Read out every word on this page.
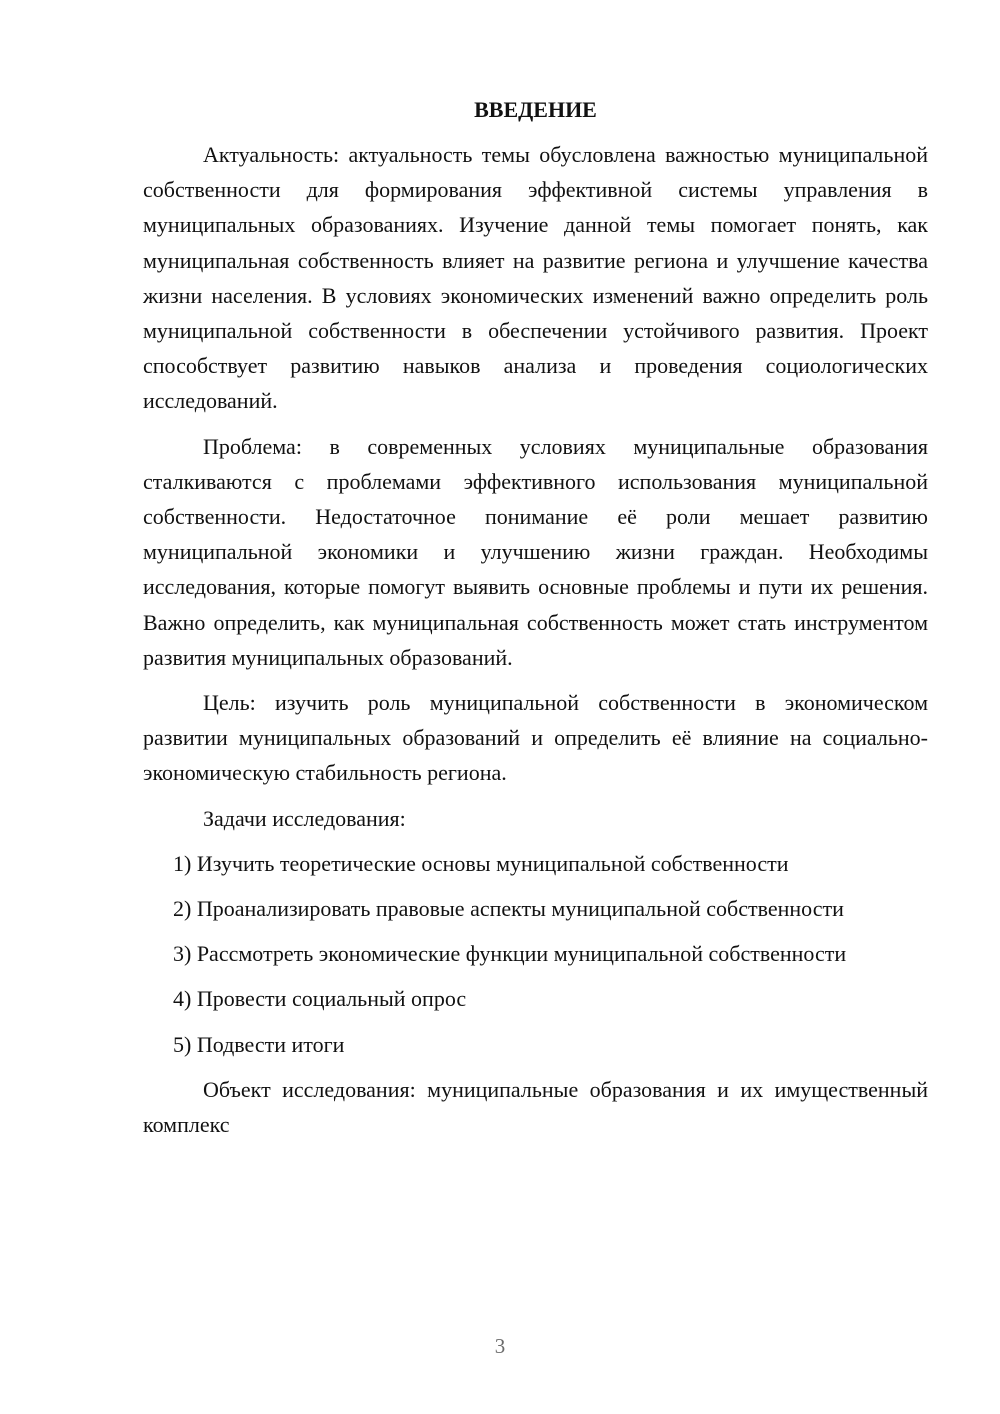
ВВЕДЕНИЕ

Актуальность: актуальность темы обусловлена важностью муниципальной собственности для формирования эффективной системы управления в муниципальных образованиях. Изучение данной темы помогает понять, как муниципальная собственность влияет на развитие региона и улучшение качества жизни населения. В условиях экономических изменений важно определить роль муниципальной собственности в обеспечении устойчивого развития. Проект способствует развитию навыков анализа и проведения социологических исследований.

Проблема: в современных условиях муниципальные образования сталкиваются с проблемами эффективного использования муниципальной собственности. Недостаточное понимание её роли мешает развитию муниципальной экономики и улучшению жизни граждан. Необходимы исследования, которые помогут выявить основные проблемы и пути их решения. Важно определить, как муниципальная собственность может стать инструментом развития муниципальных образований.

Цель: изучить роль муниципальной собственности в экономическом развитии муниципальных образований и определить её влияние на социально-экономическую стабильность региона.

Задачи исследования:

1) Изучить теоретические основы муниципальной собственности

2) Проанализировать правовые аспекты муниципальной собственности

3) Рассмотреть экономические функции муниципальной собственности

4) Провести социальный опрос

5) Подвести итоги

Объект исследования: муниципальные образования и их имущественный комплекс

3
